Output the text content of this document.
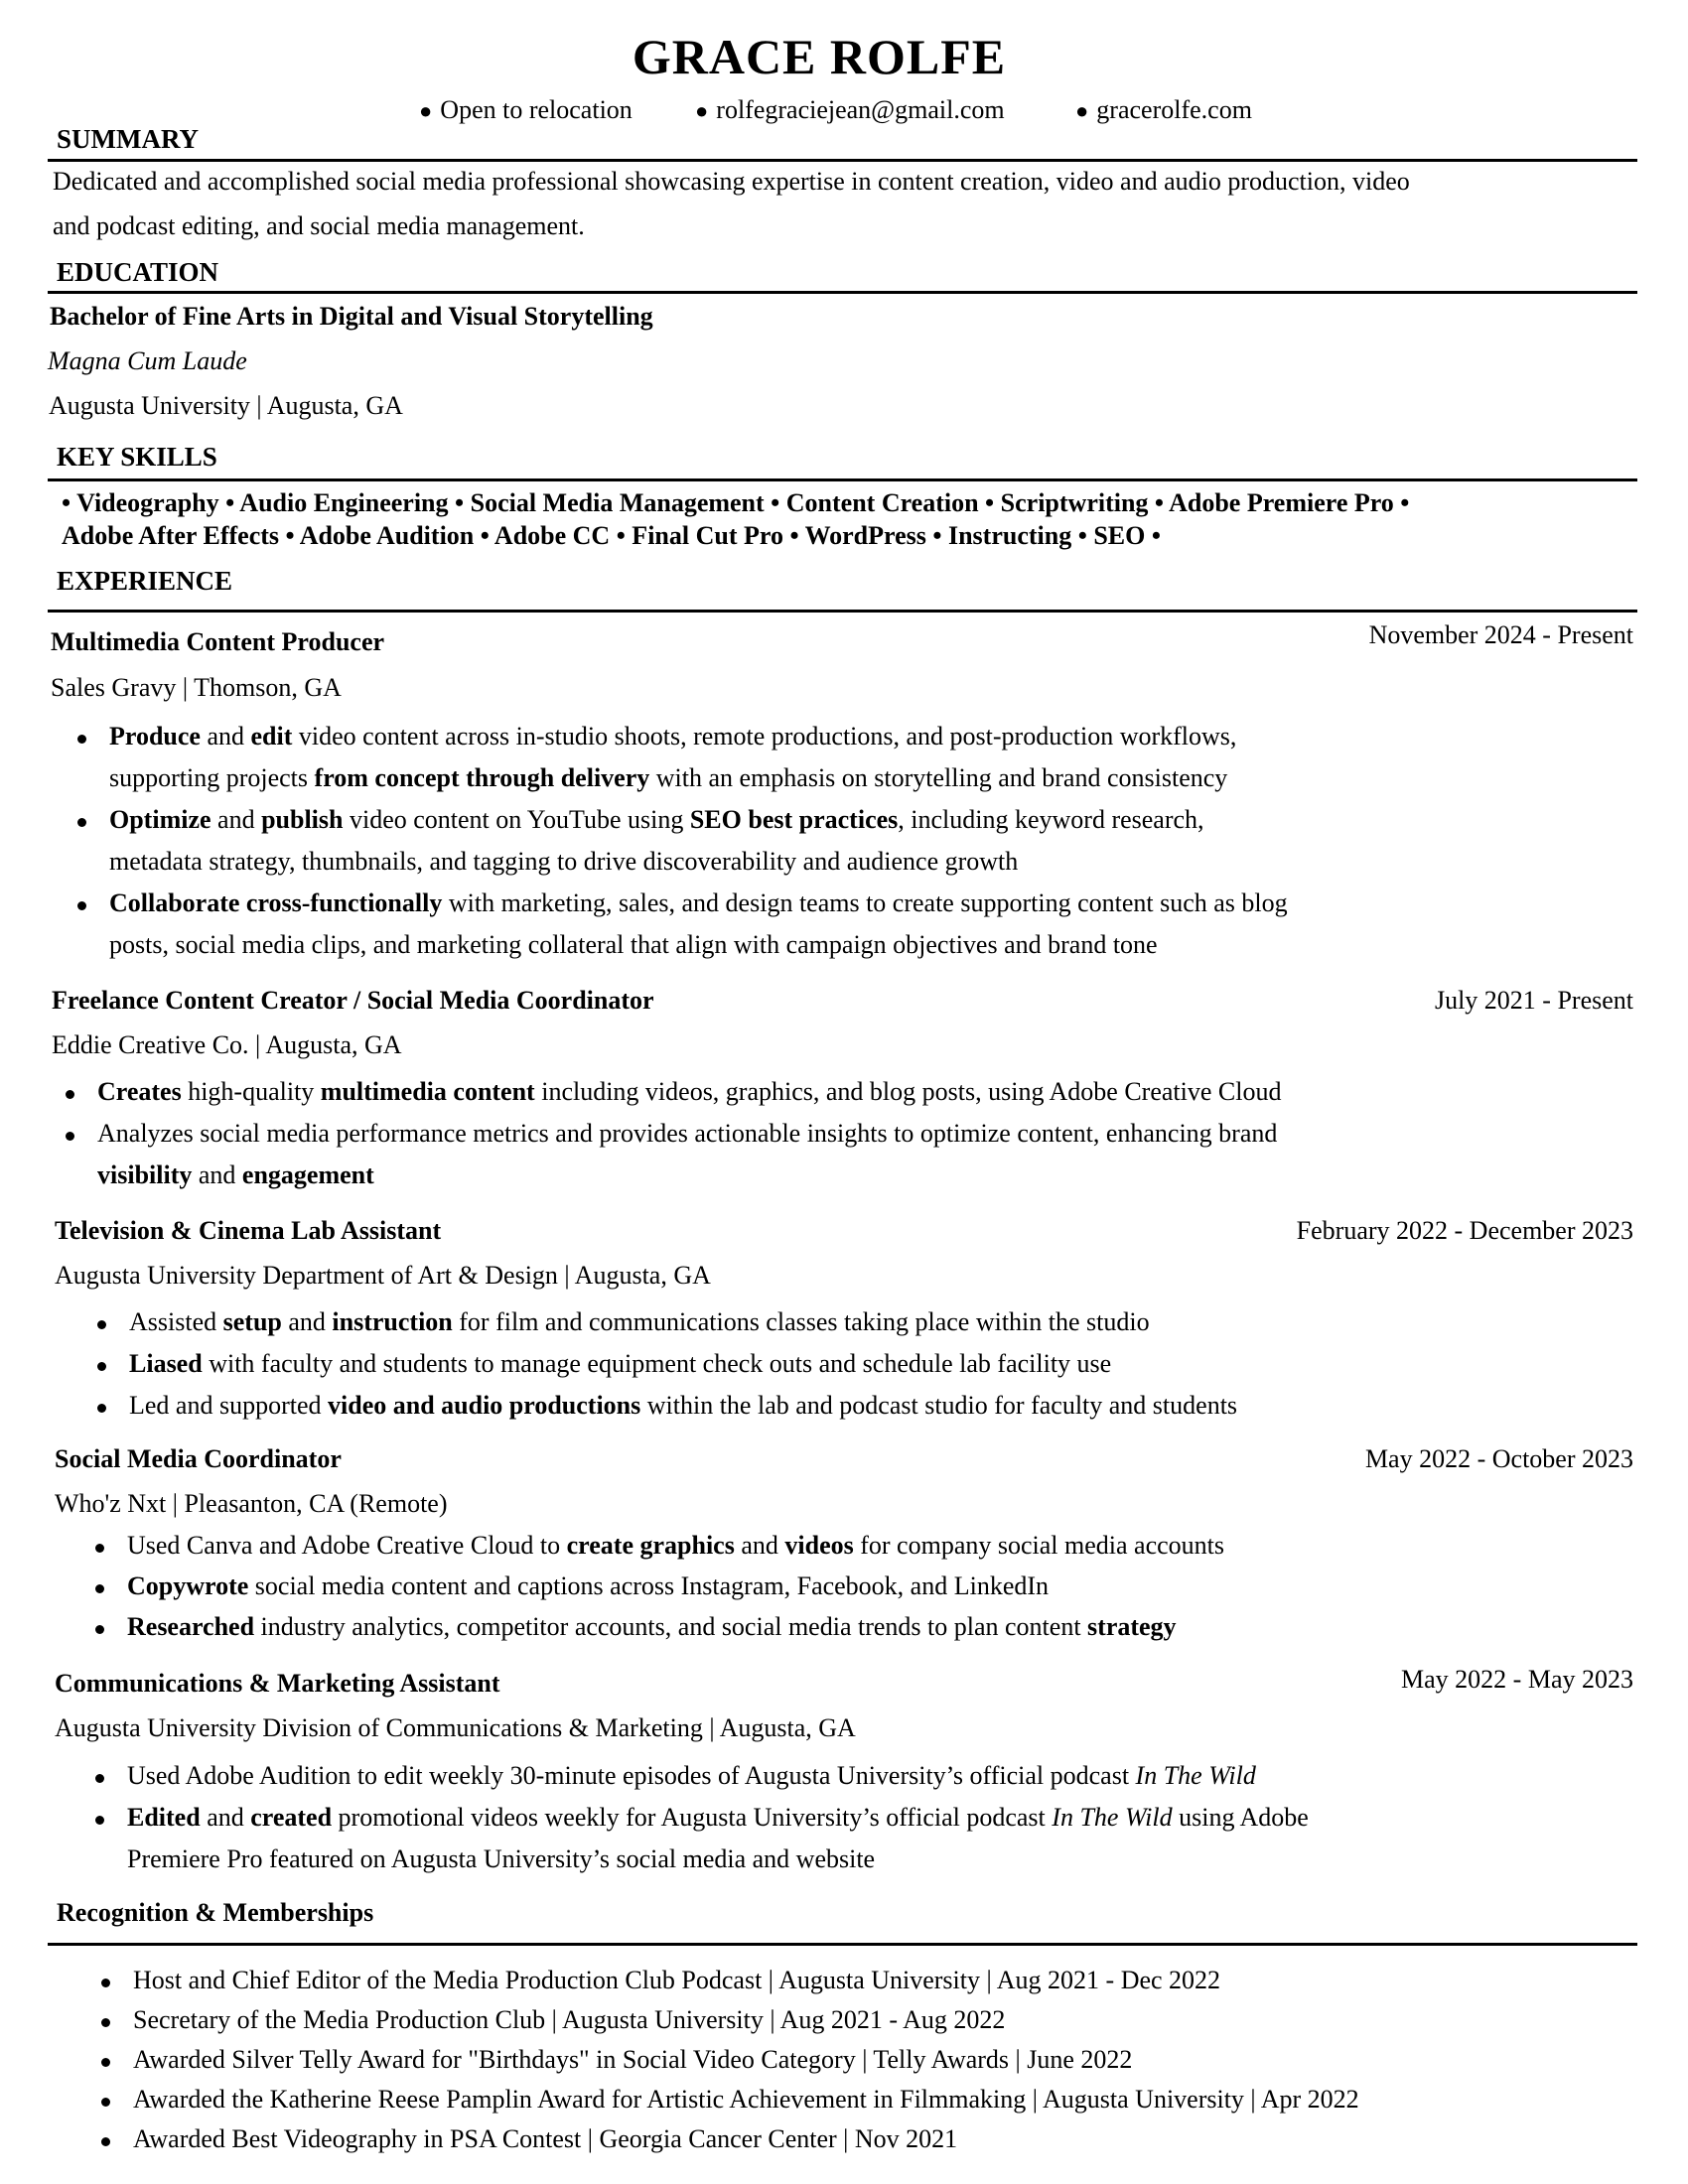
GRACE ROLFE
● Open to relocation	● rolfegraciejean@gmail.com	● gracerolfe.com
SUMMARY
Dedicated and accomplished social media professional showcasing expertise in content creation, video and audio production, video
and podcast editing, and social media management.
EDUCATION
Bachelor of Fine Arts in Digital and Visual Storytelling
Magna Cum Laude
Augusta University | Augusta, GA
KEY SKILLS
• Videography • Audio Engineering • Social Media Management • Content Creation • Scriptwriting • Adobe Premiere Pro •
Adobe After Effects • Adobe Audition • Adobe CC • Final Cut Pro • WordPress • Instructing • SEO •
EXPERIENCE
Multimedia Content Producer	November 2024 - Present
Sales Gravy | Thomson, GA
Produce and edit video content across in-studio shoots, remote productions, and post-production workflows,
supporting projects from concept through delivery with an emphasis on storytelling and brand consistency
Optimize and publish video content on YouTube using SEO best practices, including keyword research,
metadata strategy, thumbnails, and tagging to drive discoverability and audience growth
Collaborate cross-functionally with marketing, sales, and design teams to create supporting content such as blog
posts, social media clips, and marketing collateral that align with campaign objectives and brand tone
Freelance Content Creator / Social Media Coordinator	July 2021 - Present
Eddie Creative Co. | Augusta, GA
Creates high-quality multimedia content including videos, graphics, and blog posts, using Adobe Creative Cloud
Analyzes social media performance metrics and provides actionable insights to optimize content, enhancing brand
visibility and engagement
Television & Cinema Lab Assistant	February 2022 - December 2023
Augusta University Department of Art & Design | Augusta, GA
Assisted setup and instruction for film and communications classes taking place within the studio
Liased with faculty and students to manage equipment check outs and schedule lab facility use
Led and supported video and audio productions within the lab and podcast studio for faculty and students
Social Media Coordinator	May 2022 - October 2023
Who'z Nxt | Pleasanton, CA (Remote)
Used Canva and Adobe Creative Cloud to create graphics and videos for company social media accounts
Copywrote social media content and captions across Instagram, Facebook, and LinkedIn
Researched industry analytics, competitor accounts, and social media trends to plan content strategy
Communications & Marketing Assistant	May 2022 - May 2023
Augusta University Division of Communications & Marketing | Augusta, GA
Used Adobe Audition to edit weekly 30-minute episodes of Augusta University’s official podcast In The Wild
Edited and created promotional videos weekly for Augusta University’s official podcast In The Wild using Adobe
Premiere Pro featured on Augusta University’s social media and website
Recognition & Memberships
Host and Chief Editor of the Media Production Club Podcast | Augusta University | Aug 2021 - Dec 2022
Secretary of the Media Production Club | Augusta University | Aug 2021 - Aug 2022
Awarded Silver Telly Award for "Birthdays" in Social Video Category | Telly Awards | June 2022
Awarded the Katherine Reese Pamplin Award for Artistic Achievement in Filmmaking | Augusta University | Apr 2022
Awarded Best Videography in PSA Contest | Georgia Cancer Center | Nov 2021
